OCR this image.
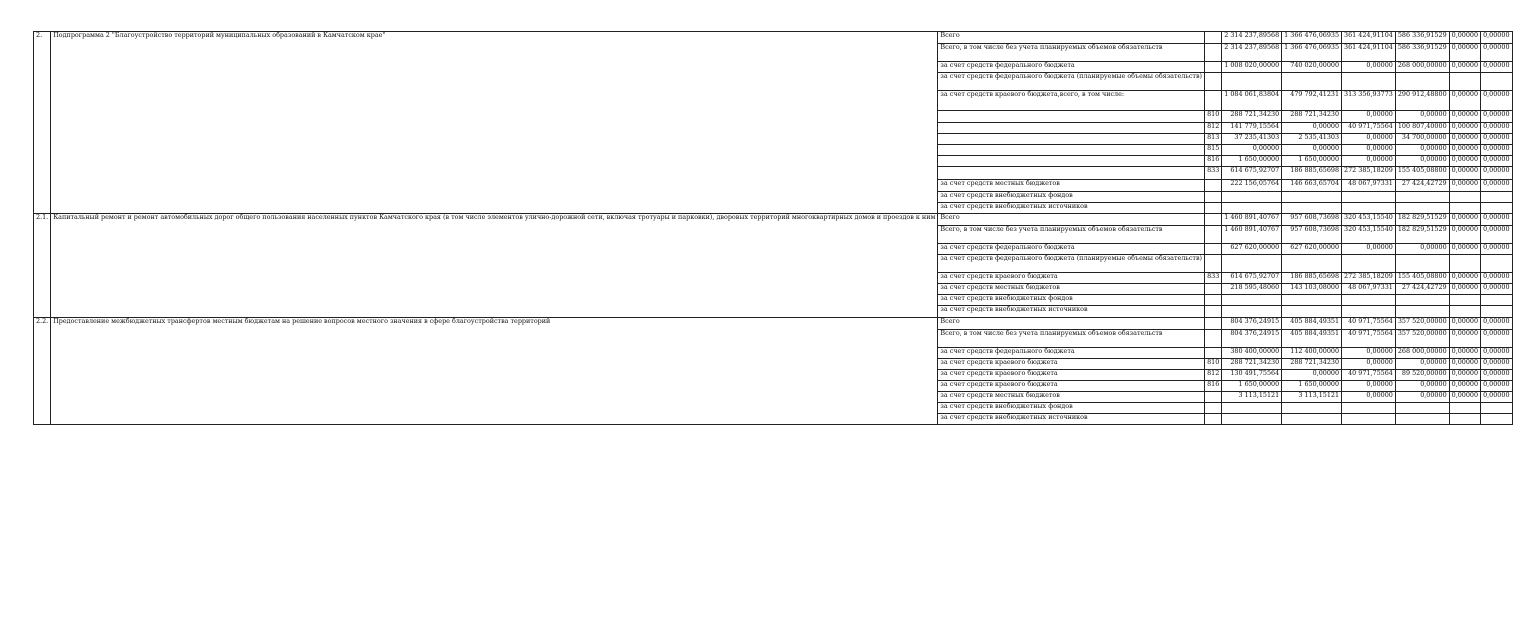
2.	Подпрограмма 2 "Благоустройство территорий муниципальных образований в Камчатском крае"	Всего		2 314 237,89568	1 366 476,06935	361 424,91104	586 336,91529	0,00000	0,00000
		Всего, в том числе без учета планируемых объемов обязательств		2 314 237,89568	1 366 476,06935	361 424,91104	586 336,91529	0,00000	0,00000
		за счет средств федерального бюджета		1 008 020,00000	740 020,00000	0,00000	268 000,00000	0,00000	0,00000
		за счет средств федерального бюджета (планируемые объемы обязательств)							
		за счет средств краевого бюджета,всего, в том числе:		1 084 061,83804	479 792,41231	313 356,93773	290 912,48800	0,00000	0,00000
			810	288 721,34230	288 721,34230	0,00000	0,00000	0,00000	0,00000
			812	141 779,15564	0,00000	40 971,75564	100 807,40000	0,00000	0,00000
			813	37 235,41303	2 535,41303	0,00000	34 700,00000	0,00000	0,00000
			815	0,00000	0,00000	0,00000	0,00000	0,00000	0,00000
			816	1 650,00000	1 650,00000	0,00000	0,00000	0,00000	0,00000
			833	614 675,92707	186 885,65698	272 385,18209	155 405,08800	0,00000	0,00000
		за счет средств местных бюджетов		222 156,05764	146 663,65704	48 067,97331	27 424,42729	0,00000	0,00000
		за счет средств внебюджетных фондов							
		за счет средств внебюджетных источников							
2.1.	Капитальный ремонт и ремонт автомобильных дорог общего пользования населенных пунктов Камчатского края (в том числе элементов улично-дорожной сети, включая тротуары и парковки), дворовых территорий многоквартирных домов и проездов к ним	Всего		1 460 891,40767	957 608,73698	320 453,15540	182 829,51529	0,00000	0,00000
		Всего, в том числе без учета планируемых объемов обязательств		1 460 891,40767	957 608,73698	320 453,15540	182 829,51529	0,00000	0,00000
		за счет средств федерального бюджета		627 620,00000	627 620,00000	0,00000	0,00000	0,00000	0,00000
		за счет средств федерального бюджета (планируемые объемы обязательств)							
		за счет средств краевого бюджета	833	614 675,92707	186 885,65698	272 385,18209	155 405,08800	0,00000	0,00000
		за счет средств местных бюджетов		218 595,48060	143 103,08000	48 067,97331	27 424,42729	0,00000	0,00000
		за счет средств внебюджетных фондов							
		за счет средств внебюджетных источников							
2.2.	Предоставление межбюджетных трансфертов местным бюджетам на решение вопросов местного значения в сфере благоустройства территорий	Всего		804 376,24915	405 884,49351	40 971,75564	357 520,00000	0,00000	0,00000
		Всего, в том числе без учета планируемых объемов обязательств		804 376,24915	405 884,49351	40 971,75564	357 520,00000	0,00000	0,00000
		за счет средств федерального бюджета		380 400,00000	112 400,00000	0,00000	268 000,00000	0,00000	0,00000
		за счет средств краевого бюджета	810	288 721,34230	288 721,34230	0,00000	0,00000	0,00000	0,00000
		за счет средств краевого бюджета	812	130 491,75564	0,00000	40 971,75564	89 520,00000	0,00000	0,00000
		за счет средств краевого бюджета	816	1 650,00000	1 650,00000	0,00000	0,00000	0,00000	0,00000
		за счет средств местных бюджетов		3 113,15121	3 113,15121	0,00000	0,00000	0,00000	0,00000
		за счет средств внебюджетных фондов							
		за счет средств внебюджетных источников							
